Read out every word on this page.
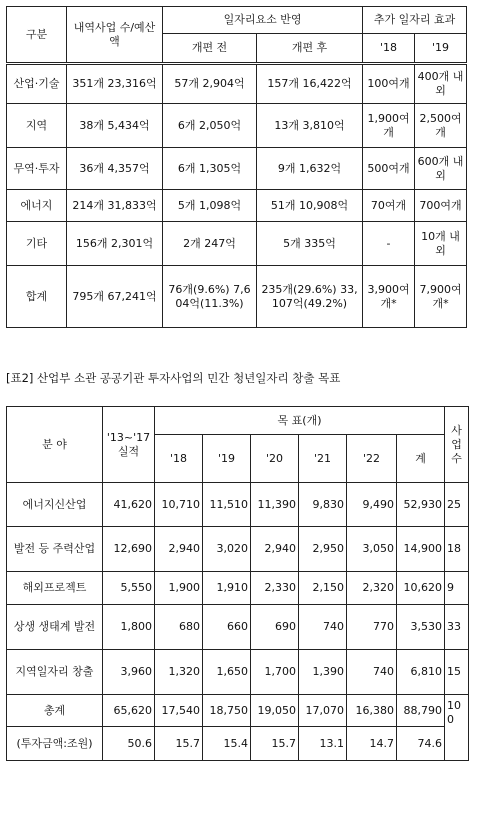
구분	내역사업 수/예산액	일자리요소 반영		추가 일자리 효과	
		개편 전	개편 후	'18	'19
산업·기술	351개 23,316억	57개 2,904억	157개 16,422억	100여개	400개 내외
지역	38개 5,434억	6개 2,050억	13개 3,810억	1,900여개	2,500여개
무역·투자	36개 4,357억	6개 1,305억	9개 1,632억	500여개	600개 내외
에너지	214개 31,833억	5개 1,098억	51개 10,908억	70여개	700여개
기타	156개 2,301억	2개 247억	5개 335억	-	10개 내외
합계	795개 67,241억	76개(9.6%) 7,604억(11.3%)	235개(29.6%) 33,107억(49.2%)	3,900여개*	7,900여개*
[표2] 산업부 소관 공공기관 투자사업의 민간 청년일자리 창출 목표
분 야	'13~'17 실적	목 표(개)						사업 수
		'18	'19	'20	'21	'22	계	
에너지신산업	41,620	10,710	11,510	11,390	9,830	9,490	52,930	25
발전 등 주력산업	12,690	2,940	3,020	2,940	2,950	3,050	14,900	18
해외프로젝트	5,550	1,900	1,910	2,330	2,150	2,320	10,620	9
상생 생태계 발전	1,800	680	660	690	740	770	3,530	33
지역일자리 창출	3,960	1,320	1,650	1,700	1,390	740	6,810	15
총계	65,620	17,540	18,750	19,050	17,070	16,380	88,790	100
(투자금액:조원)	50.6	15.7	15.4	15.7	13.1	14.7	74.6	
